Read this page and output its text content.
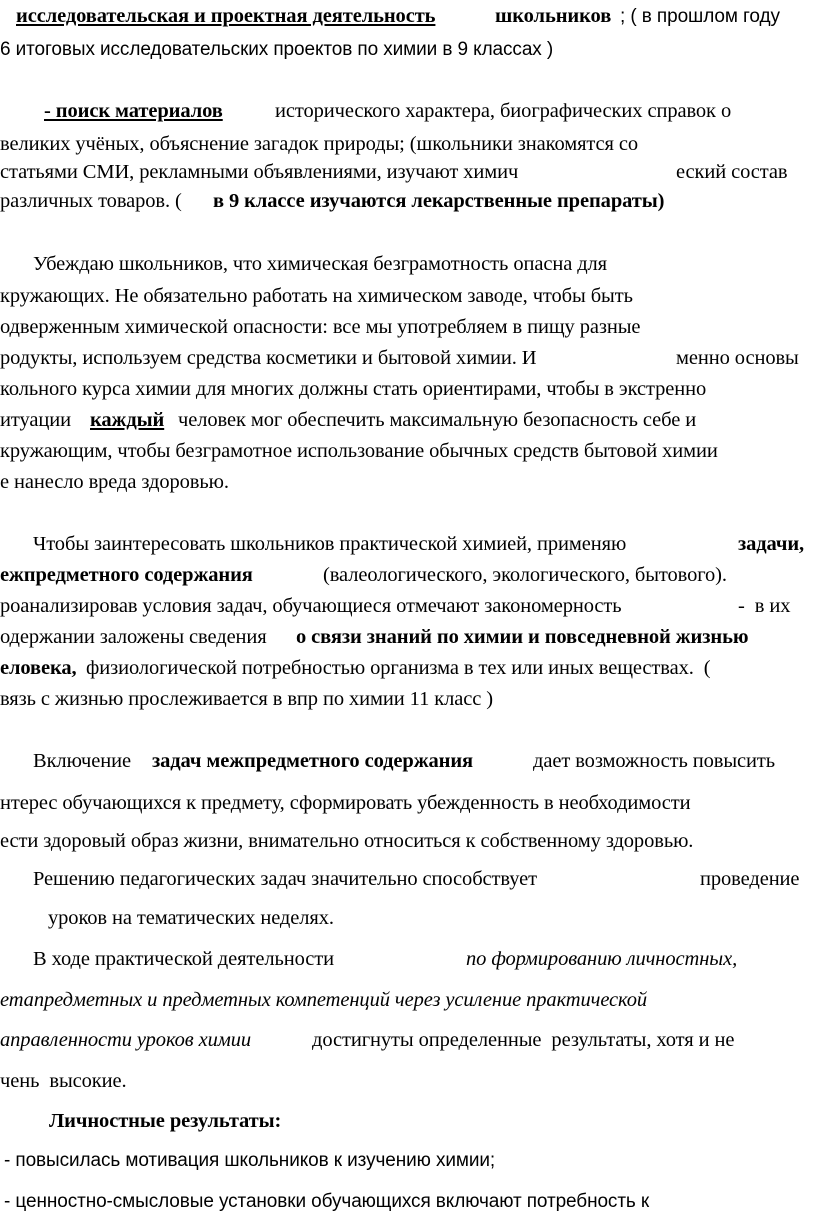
исследовательская и проектная деятельность	школьников ; ( в прошлом году
6 итоговых исследовательских проектов по химии в 9 классах )
- поиск материалов	исторического характера, биографических справок о
великих учёных, объяснение загадок природы; (школьники знакомятся со
статьями СМИ, рекламными объявлениями, изучают химич	еский состав
различных товаров. ( в 9 классе изучаются лекарственные препараты)
Убеждаю школьников, что химическая безграмотность опасна для
кружающих. Не обязательно работать на химическом заводе, чтобы быть
одверженным химической опасности: все мы употребляем в пищу разные
родукты, используем средства косметики и бытовой химии. И	менно основы
кольного курса химии для многих должны стать ориентирами, чтобы в экстренно
итуации каждый человек мог обеспечить максимальную безопасность себе и
кружающим, чтобы безграмотное использование обычных средств бытовой химии
е нанесло вреда здоровью.
Чтобы заинтересовать школьников практической химией, применяю	задачи,
ежпредметного содержания	(валеологического, экологического, бытового).
роанализировав условия задач, обучающиеся отмечают закономерность	-  в их
одержании заложены сведения о связи знаний по химии и повседневной жизнью
еловека, физиологической потребностью организма в тех или иных веществах.  (
вязь с жизнью прослеживается в впр по химии 11 класс )
Включение задач межпредметного содержания	дает возможность повысить
нтерес обучающихся к предмету, сформировать убежденность в необходимости
ести здоровый образ жизни, внимательно относиться к собственному здоровью.
Решению педагогических задач значительно способствует	проведение
уроков на тематических неделях.
В ходе практической деятельности	по формированию личностных,
етапредметных и предметных компетенций через усиление практической
аправленности уроков химии	достигнуты определенные  результаты, хотя и не
чень  высокие.
Личностные результаты:
- повысилась мотивация школьников к изучению химии;
- ценностно-смысловые установки обучающихся включают потребность к
